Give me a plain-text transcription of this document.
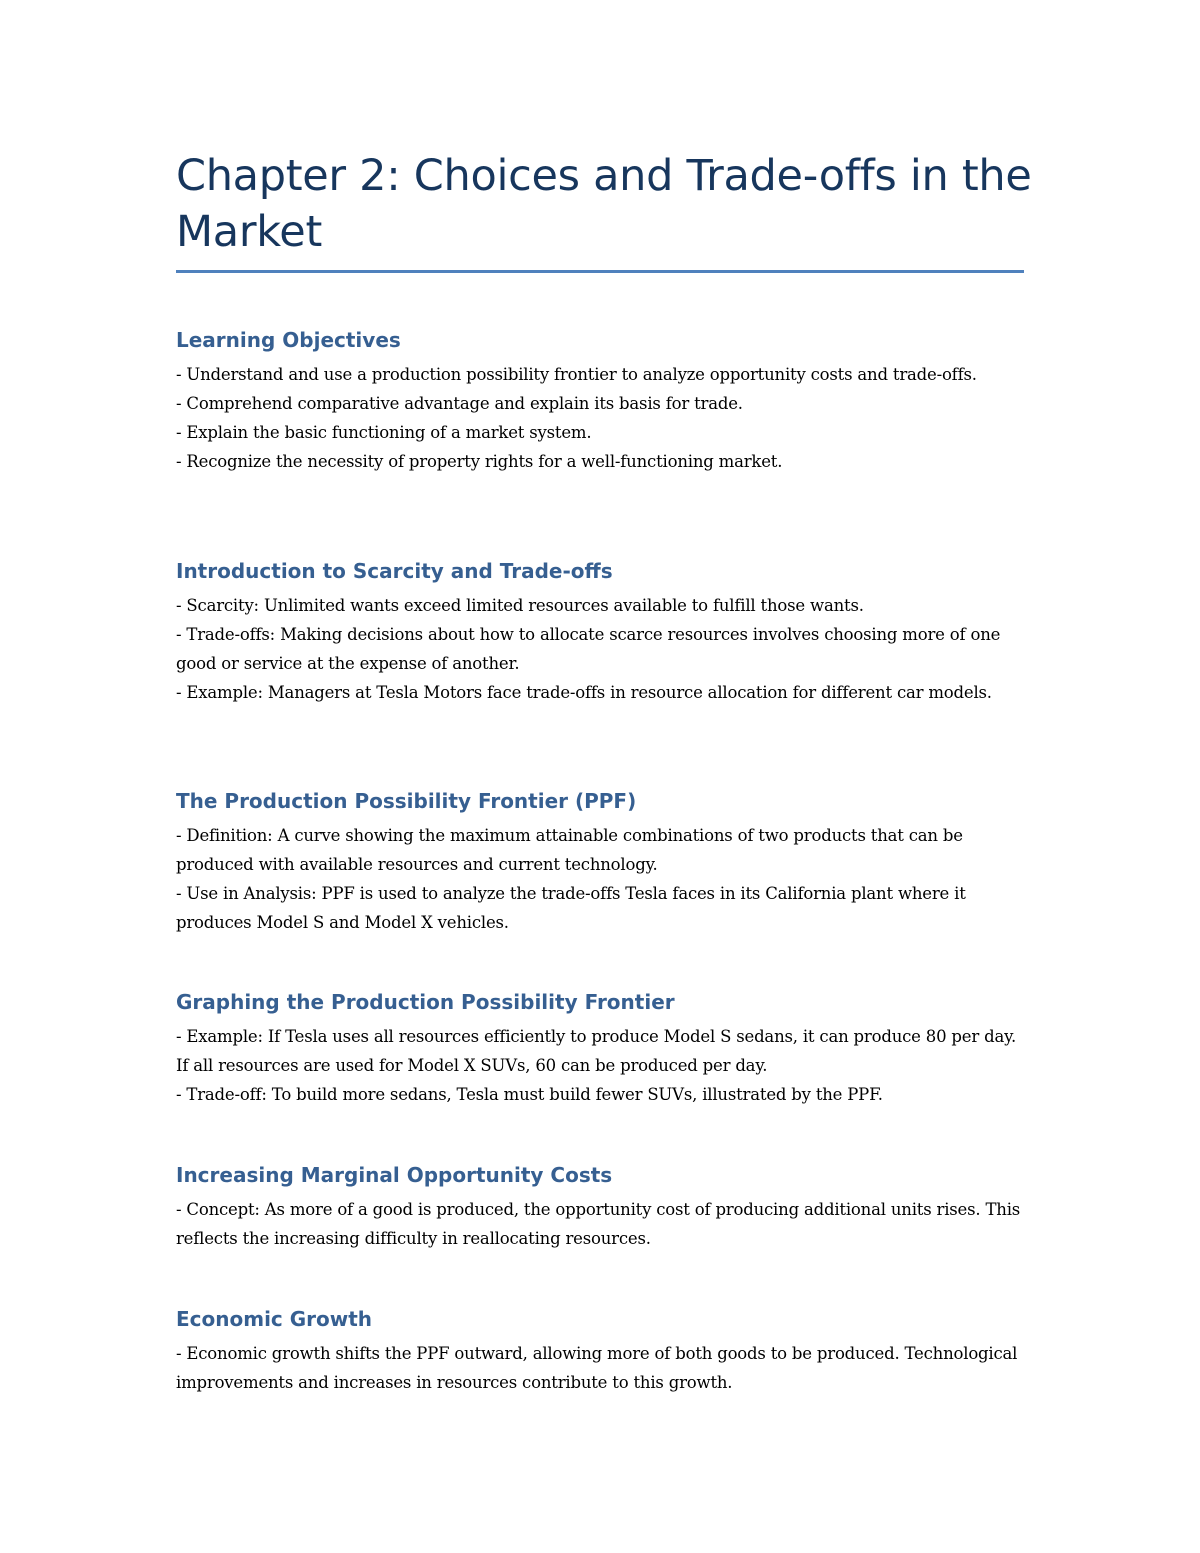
Chapter 2: Choices and Trade-offs in the Market
Learning Objectives

- Understand and use a production possibility frontier to analyze opportunity costs and trade-offs.

- Comprehend comparative advantage and explain its basis for trade.

- Explain the basic functioning of a market system.

- Recognize the necessity of property rights for a well-functioning market.

Introduction to Scarcity and Trade-offs

- Scarcity: Unlimited wants exceed limited resources available to fulfill those wants.

- Trade-offs: Making decisions about how to allocate scarce resources involves choosing more of one good or service at the expense of another.

- Example: Managers at Tesla Motors face trade-offs in resource allocation for different car models.

The Production Possibility Frontier (PPF)

- Definition: A curve showing the maximum attainable combinations of two products that can be produced with available resources and current technology.

- Use in Analysis: PPF is used to analyze the trade-offs Tesla faces in its California plant where it produces Model S and Model X vehicles.

Graphing the Production Possibility Frontier

- Example: If Tesla uses all resources efficiently to produce Model S sedans, it can produce 80 per day. If all resources are used for Model X SUVs, 60 can be produced per day.

- Trade-off: To build more sedans, Tesla must build fewer SUVs, illustrated by the PPF.

Increasing Marginal Opportunity Costs

- Concept: As more of a good is produced, the opportunity cost of producing additional units rises. This reflects the increasing difficulty in reallocating resources.

Economic Growth

- Economic growth shifts the PPF outward, allowing more of both goods to be produced. Technological improvements and increases in resources contribute to this growth.
